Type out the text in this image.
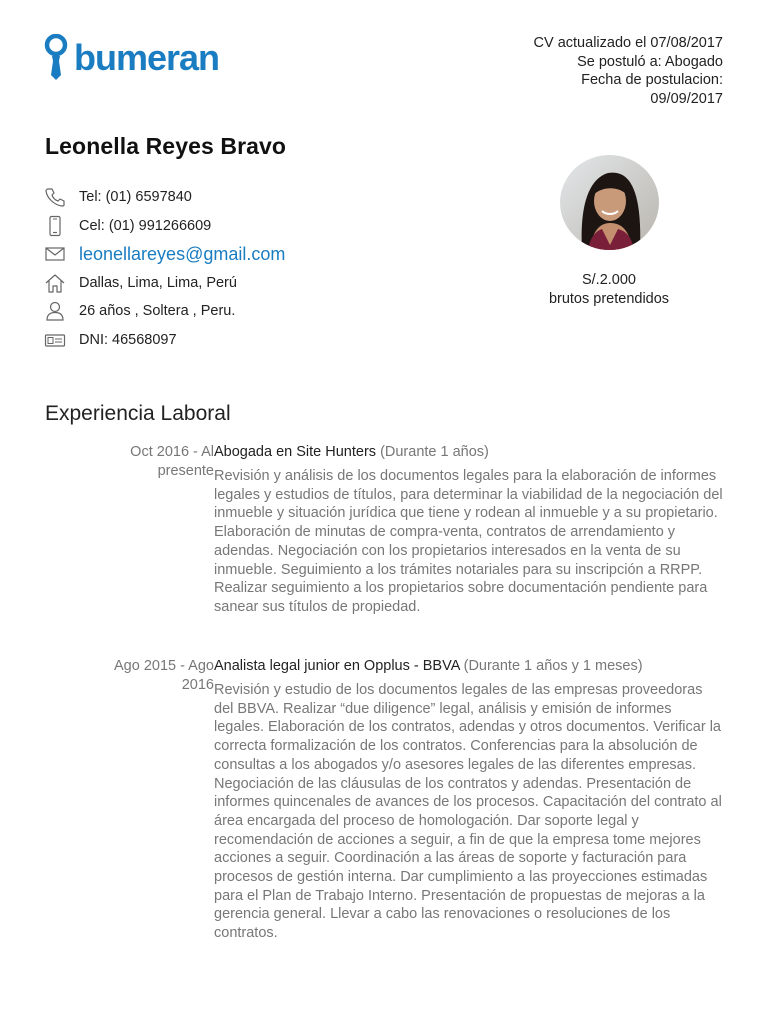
bumeran	CV actualizado el 07/08/2017
Se postuló a: Abogado
Fecha de postulacion:
09/09/2017
Leonella Reyes Bravo
Tel: (01) 6597840
Cel: (01) 991266609
leonellareyes@gmail.com
Dallas, Lima, Lima, Perú
26 años , Soltera , Peru.
DNI: 46568097
S/.2.000
brutos pretendidos
Experiencia Laboral
Oct 2016 - Al presente
Abogada en Site Hunters (Durante 1 años)
Revisión y análisis de los documentos legales para la elaboración de informes legales y estudios de títulos, para determinar la viabilidad de la negociación del inmueble y situación jurídica que tiene y rodean al inmueble y a su propietario. Elaboración de minutas de compra-venta, contratos de arrendamiento y adendas. Negociación con los propietarios interesados en la venta de su inmueble. Seguimiento a los trámites notariales para su inscripción a RRPP. Realizar seguimiento a los propietarios sobre documentación pendiente para sanear sus títulos de propiedad.
Ago 2015 - Ago 2016
Analista legal junior en Opplus - BBVA (Durante 1 años y 1 meses)
Revisión y estudio de los documentos legales de las empresas proveedoras del BBVA. Realizar “due diligence” legal, análisis y emisión de informes legales. Elaboración de los contratos, adendas y otros documentos. Verificar la correcta formalización de los contratos. Conferencias para la absolución de consultas a los abogados y/o asesores legales de las diferentes empresas. Negociación de las cláusulas de los contratos y adendas. Presentación de informes quincenales de avances de los procesos. Capacitación del contrato al área encargada del proceso de homologación. Dar soporte legal y recomendación de acciones a seguir, a fin de que la empresa tome mejores acciones a seguir. Coordinación a las áreas de soporte y facturación para procesos de gestión interna. Dar cumplimiento a las proyecciones estimadas para el Plan de Trabajo Interno. Presentación de propuestas de mejoras a la gerencia general. Llevar a cabo las renovaciones o resoluciones de los contratos.
